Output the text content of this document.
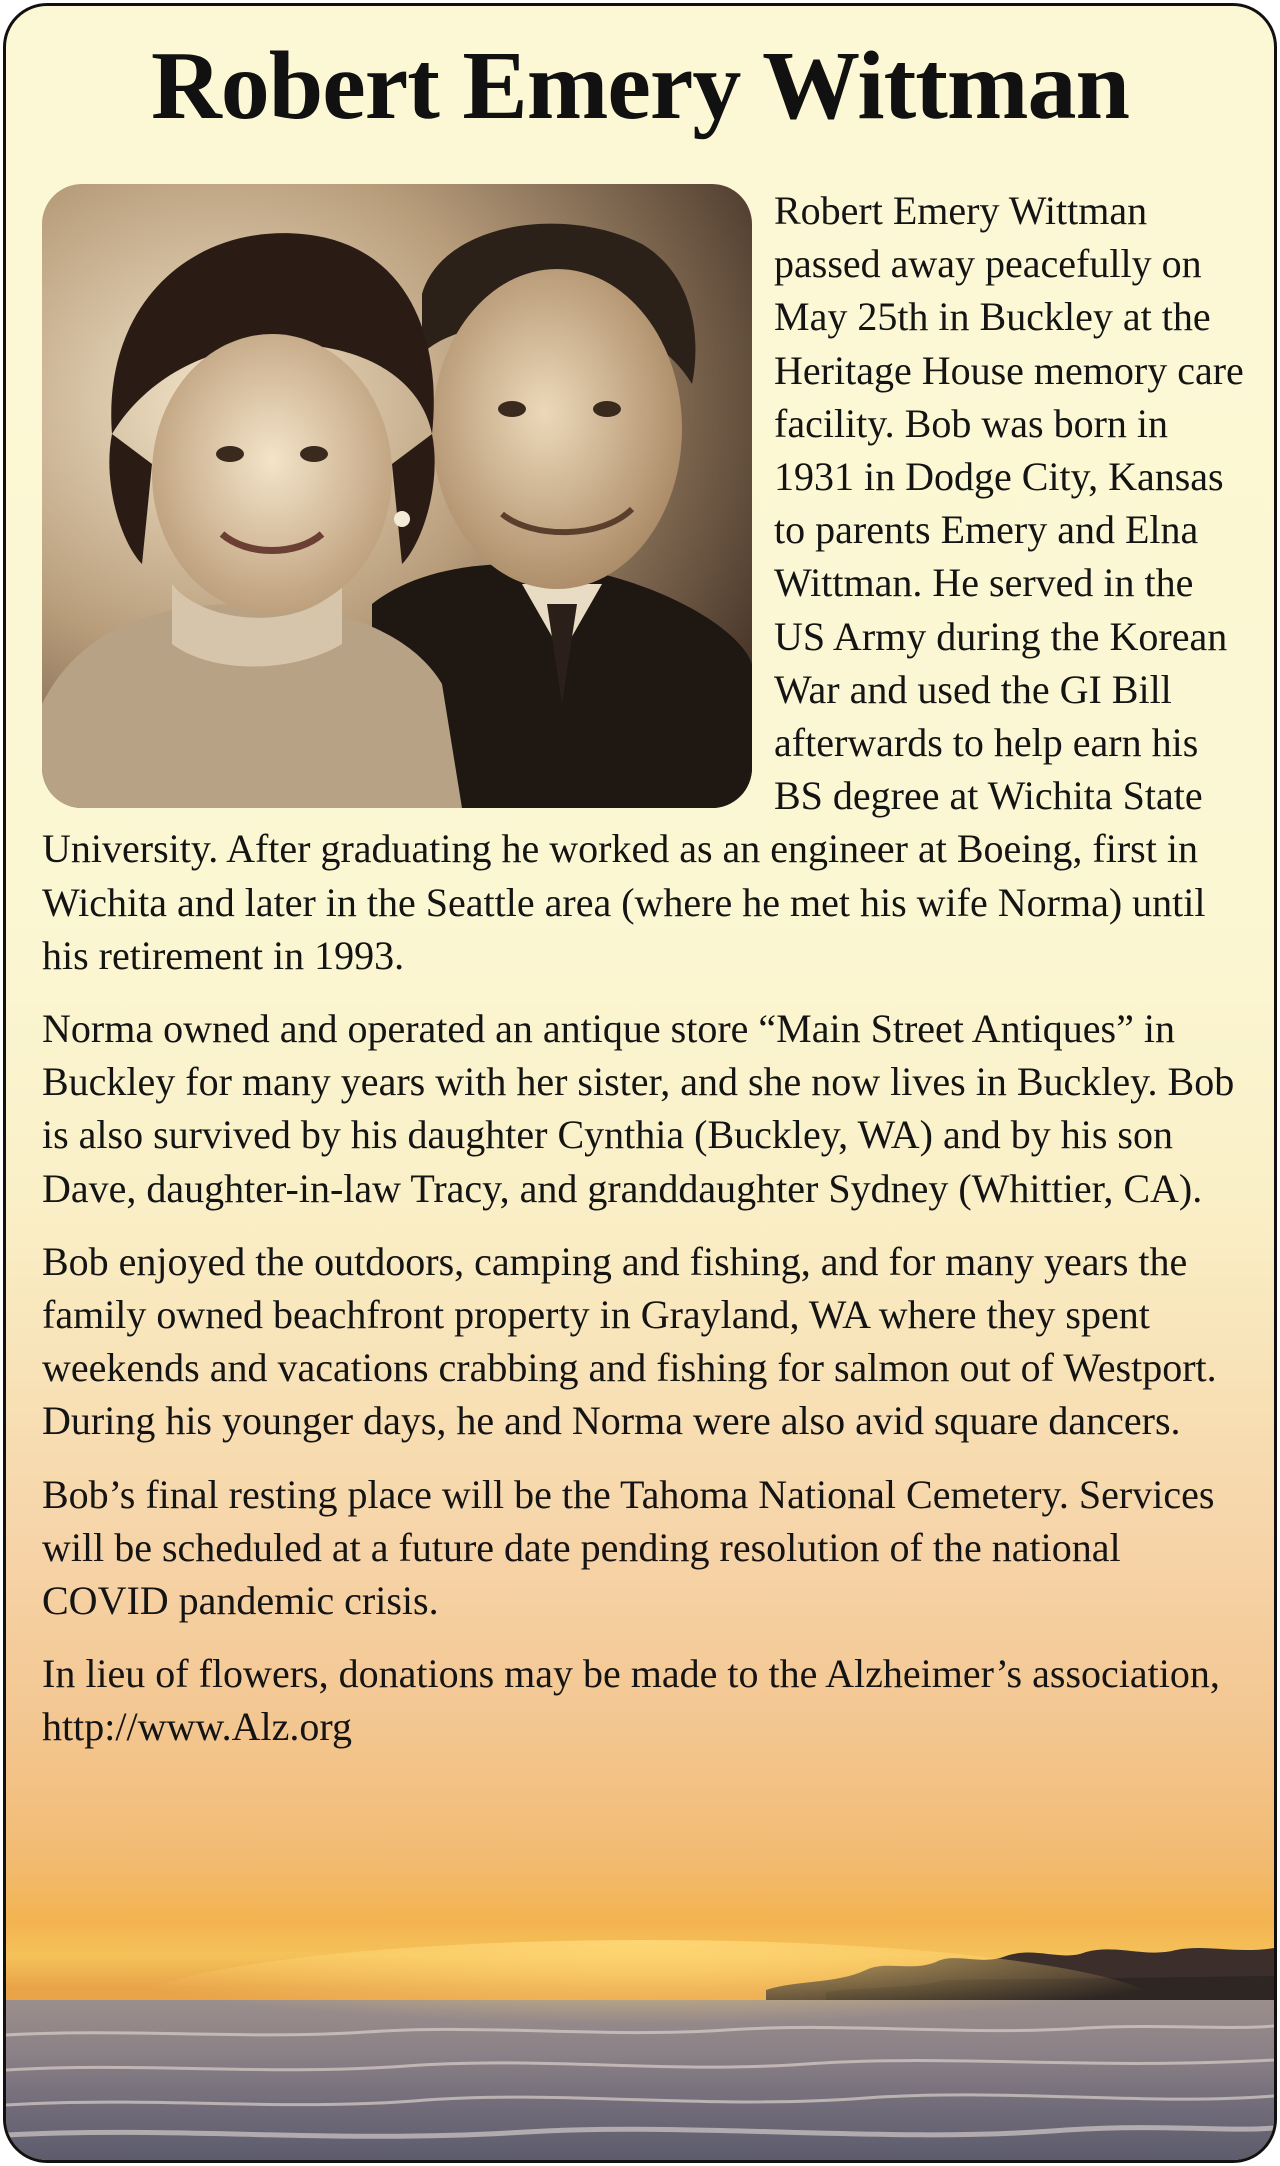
Robert Emery Wittman

Robert Emery Wittman passed away peacefully on May 25th in Buckley at the Heritage House memory care facility. Bob was born in 1931 in Dodge City, Kansas to parents Emery and Elna Wittman. He served in the US Army during the Korean War and used the GI Bill afterwards to help earn his BS degree at Wichita State University. After graduating he worked as an engineer at Boeing, first in Wichita and later in the Seattle area (where he met his wife Norma) until his retirement in 1993.

Norma owned and operated an antique store “Main Street Antiques” in Buckley for many years with her sister, and she now lives in Buckley. Bob is also survived by his daughter Cynthia (Buckley, WA) and by his son Dave, daughter-in-law Tracy, and granddaughter Sydney (Whittier, CA).

Bob enjoyed the outdoors, camping and fishing, and for many years the family owned beachfront property in Grayland, WA where they spent weekends and vacations crabbing and fishing for salmon out of Westport. During his younger days, he and Norma were also avid square dancers.

Bob’s final resting place will be the Tahoma National Cemetery. Services will be scheduled at a future date pending resolution of the national COVID pandemic crisis.

In lieu of flowers, donations may be made to the Alzheimer’s association, http://www.Alz.org
